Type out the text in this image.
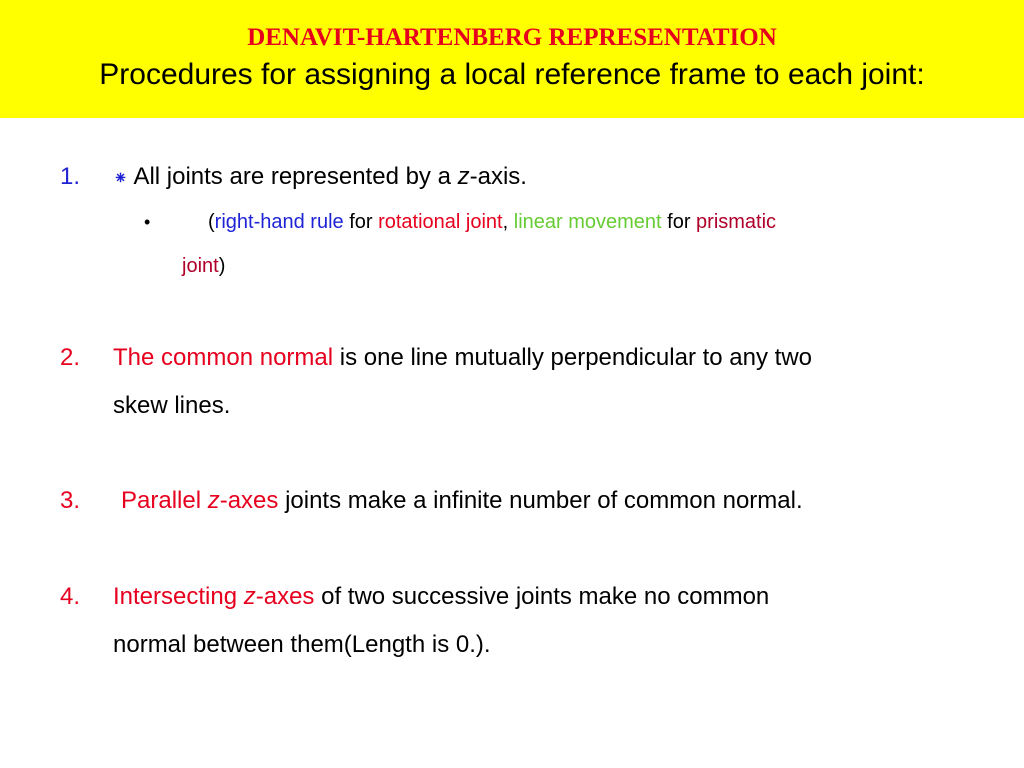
DENAVIT-HARTENBERG REPRESENTATION
Procedures for assigning a local reference frame to each joint:
1. ⁕ All joints are represented by a z-axis.
•	(right-hand rule for rotational joint, linear movement for prismatic
joint)
2. The common normal is one line mutually perpendicular to any two
skew lines.
3. Parallel z-axes joints make a infinite number of common normal.
4. Intersecting z-axes of two successive joints make no common
normal between them(Length is 0.).
